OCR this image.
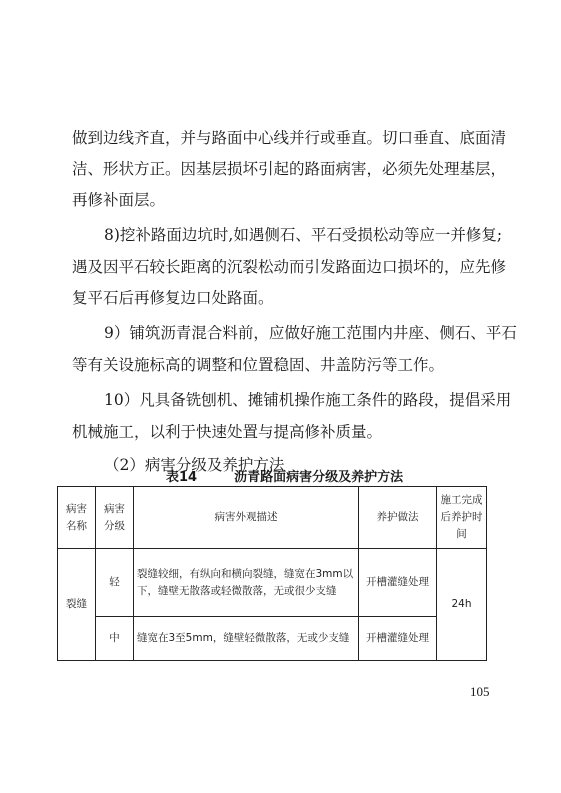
做到边线齐直，并与路面中心线并行或垂直。切口垂直、底面清
洁、形状方正。因基层损坏引起的路面病害，必须先处理基层，
再修补面层。
8)挖补路面边坑时,如遇侧石、平石受损松动等应一并修复;
遇及因平石较长距离的沉裂松动而引发路面边口损坏的，应先修
复平石后再修复边口处路面。
9）铺筑沥青混合料前，应做好施工范围内井座、侧石、平石
等有关设施标高的调整和位置稳固、井盖防污等工作。
10）凡具备铣刨机、摊铺机操作施工条件的路段，提倡采用
机械施工，以利于快速处置与提高修补质量。
（2）病害分级及养护方法
表14	沥青路面病害分级及养护方法
病害名称	病害分级	病害外观描述	养护做法	施工完成后养护时间
裂缝	轻	裂缝较细，有纵向和横向裂缝，缝宽在3mm以下，缝壁无散落或轻微散落，无或很少支缝	开槽灌缝处理	24h
	中	缝宽在3至5mm，缝壁轻微散落，无或少支缝	开槽灌缝处理	
105
